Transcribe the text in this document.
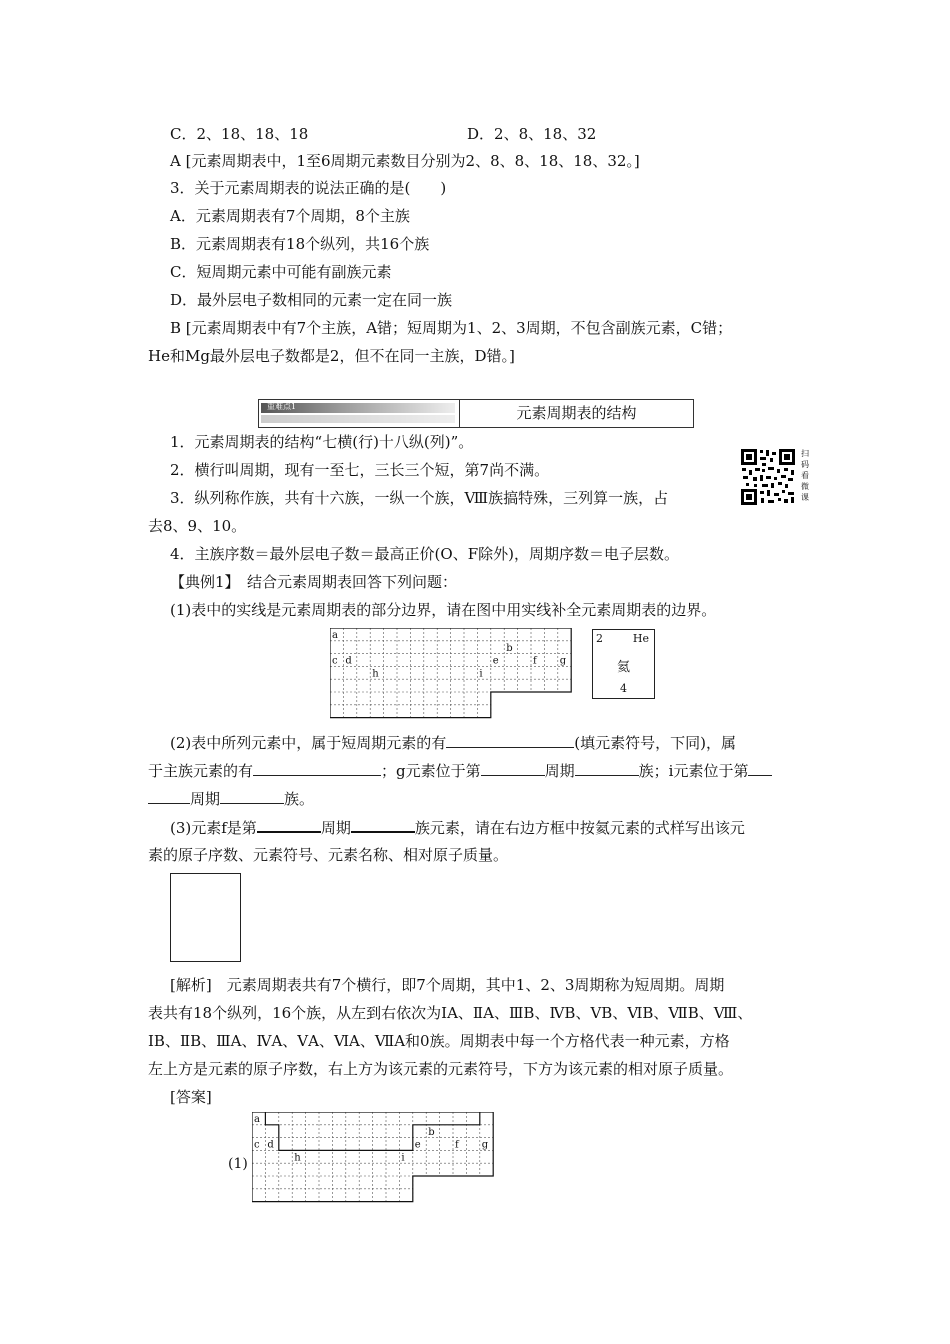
C．2、18、18、18	D．2、8、18、32
A [元素周期表中，1至6周期元素数目分别为2、8、8、18、18、32。]
3．关于元素周期表的说法正确的是(　　)
A．元素周期表有7个周期，8个主族
B．元素周期表有18个纵列，共16个族
C．短周期元素中可能有副族元素
D．最外层电子数相同的元素一定在同一族
B [元素周期表中有7个主族，A错；短周期为1、2、3周期，不包含副族元素，C错；
He和Mg最外层电子数都是2，但不在同一主族，D错。]
重难点1	元素周期表的结构
1．元素周期表的结构“七横(行)十八纵(列)”。
2．横行叫周期，现有一至七，三长三个短，第7尚不满。
3．纵列称作族，共有十六族，一纵一个族，Ⅷ族搞特殊，三列算一族，占
去8、9、10。
4．主族序数＝最外层电子数＝最高正价(O、F除外)，周期序数＝电子层数。
扫码看微课
【典例1】　结合元素周期表回答下列问题：
(1)表中的实线是元素周期表的部分边界，请在图中用实线补全元素周期表的边界。
a
b
c d	e	f g
h	i
2	He
氦
4
(2)表中所列元素中，属于短周期元素的有	(填元素符号，下同)，属
于主族元素的有	；g元素位于第	周期	族；i元素位于第
周期	族。
(3)元素f是第	周期	族元素，请在右边方框中按氦元素的式样写出该元
素的原子序数、元素符号、元素名称、相对原子质量。
[解析]　元素周期表共有7个横行，即7个周期，其中1、2、3周期称为短周期。周期
表共有18个纵列，16个族，从左到右依次为ⅠA、ⅡA、ⅢB、ⅣB、ⅤB、ⅥB、ⅦB、Ⅷ、
ⅠB、ⅡB、ⅢA、ⅣA、ⅤA、ⅥA、ⅦA和0族。周期表中每一个方格代表一种元素，方格
左上方是元素的原子序数，右上方为该元素的元素符号，下方为该元素的相对原子质量。
[答案]
(1)
a
b
c d	e	f g
h	i
